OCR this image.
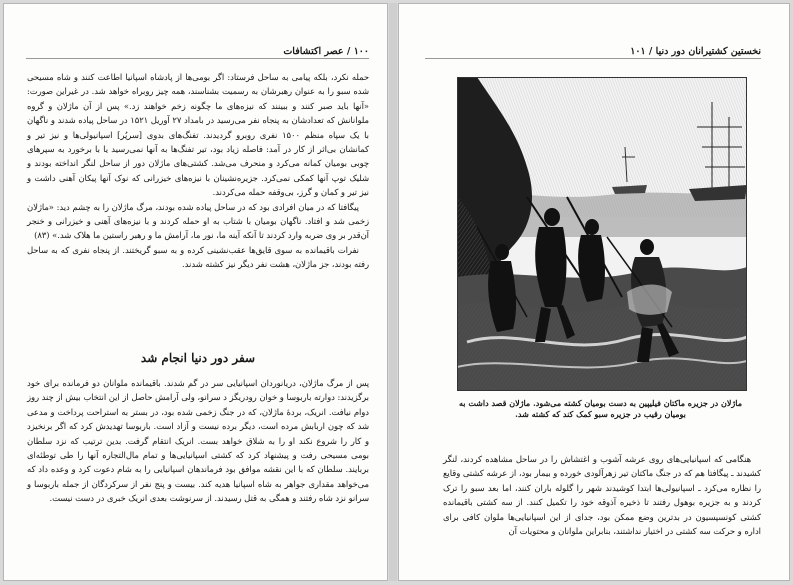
۱۰۰ / عصر اکتشافات

حمله نکرد، بلکه پیامی به ساحل فرستاد: اگر بومی‌ها از پادشاه اسپانیا اطاعت کنند و شاه مسیحی شده سبو را به عنوان رهبرشان به رسمیت بشناسند، همه چیز روبراه خواهد شد. در غیراین صورت: «آنها باید صبر کنند و ببینند که نیزه‌های ما چگونه زخم خواهند زد.» پس از آن ماژلان و گروه ملوانانش که تعدادشان به پنجاه نفر می‌رسید در بامداد ۲۷ آوریل ۱۵۲۱ در ساحل پیاده شدند و ناگهان با یک سپاه منظم ۱۵۰۰ نفری روبرو گردیدند. تفنگ‌های بدوی [سرپُر] اسپانیولی‌ها و نیز تیر و کمانشان بی‌اثر از کار در آمد: فاصله زیاد بود، تیر تفنگ‌ها به آنها نمی‌رسید یا با برخورد به سپرهای چوبی بومیان کمانه می‌کرد و منحرف می‌شد. کشتی‌های ماژلان دور از ساحل لنگر انداخته بودند و شلیک توپ آنها کمکی نمی‌کرد. جزیره‌نشینان با نیزه‌های خیزرانی که نوک آنها پیکان آهنی داشت و نیز تیر و کمان و گرز، بی‌وقفه حمله می‌کردند.

پیگافتا که در میان افرادی بود که در ساحل پیاده شده بودند، مرگ ماژلان را به چشم دید: «ماژلان زخمی شد و افتاد. ناگهان بومیان با شتاب به او حمله کردند و با نیزه‌های آهنی و خیزرانی و خنجر آن‌قدر بر وی ضربه وارد کردند تا آنکه آینه ما، نور ما، آرامش ما و رهبر راستین ما هلاک شد.» (۸۳)

نفرات باقیمانده به سوی قایق‌ها عقب‌نشینی کرده و به سبو گریختند. از پنجاه نفری که به ساحل رفته بودند، جز ماژلان، هشت نفر دیگر نیز کشته شدند.

سفر دور دنیا انجام شد

پس از مرگ ماژلان، دریانوردان اسپانیایی سر در گم شدند. باقیمانده ملوانان دو فرمانده برای خود برگزیدند: دوارته باربوسا و خوان رودریگز د سرانو، ولی آرامش حاصل از این انتخاب بیش از چند روز دوام نیافت. انریک، بردهٔ ماژلان، که در جنگ زخمی شده بود، در بستر به استراحت پرداخت و مدعی شد که چون اربابش مرده است، دیگر برده نیست و آزاد است. باربوسا تهدیدش کرد که اگر برنخیزد و کار را شروع نکند او را به شلاق خواهد بست. انریک انتقام گرفت. بدین ترتیب که نزد سلطان بومی مسیحی رفت و پیشنهاد کرد که کشتی اسپانیایی‌ها و تمام مال‌التجاره آنها را طی توطئه‌ای بربایند. سلطان که با این نقشه موافق بود فرماندهان اسپانیایی را به شام دعوت کرد و وعده داد که می‌خواهد مقداری جواهر به شاه اسپانیا هدیه کند. بیست و پنج نفر از سرکردگان از جمله باربوسا و سرانو نزد شاه رفتند و همگی به قتل رسیدند. از سرنوشت بعدی انریک خبری در دست نیست.

نخستین کشتیرانان دور دنیا / ۱۰۱
ماژلان در جزیره ماکتان فیلیپین به دست بومیان کشته می‌شود. ماژلان قصد داشت به بومیان رقیب در جزیره سبو کمک کند که کشته شد.

هنگامی که اسپانیایی‌های روی عرشه آشوب و اغتشاش را در ساحل مشاهده کردند، لنگر کشیدند ـ پیگافتا هم که در جنگ ماکتان تیر زهرآلودی خورده و بیمار بود، از عرشه کشتی وقایع را نظاره می‌کرد ـ اسپانیولی‌ها ابتدا کوشیدند شهر را گلوله باران کنند، اما بعد سبو را ترک کردند و به جزیره بوهول رفتند تا ذخیره آذوقه خود را تکمیل کنند. از سه کشتی باقیمانده کشتی کونسپسیون در بدترین وضع ممکن بود، جدای از این اسپانیایی‌ها ملوان کافی برای اداره و حرکت سه کشتی در اختیار نداشتند، بنابراین ملوانان و محتویات آن
